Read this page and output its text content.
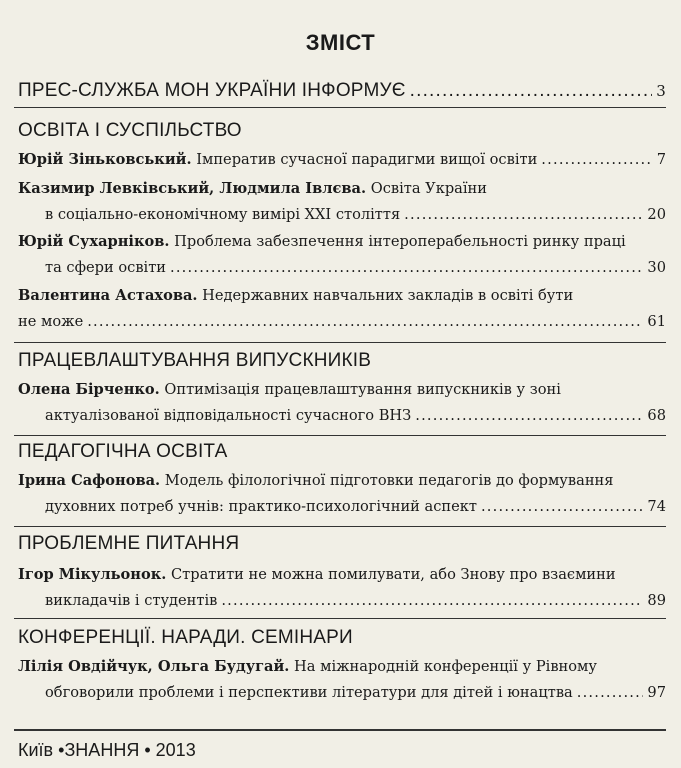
ЗМІСТ
ПРЕС-СЛУЖБА МОН УКРАЇНИ ІНФОРМУЄ .....	3
ОСВІТА І СУСПІЛЬСТВО
Юрій Зіньковський. Імператив сучасної парадигми вищої освіти .....	7
Казимир Левківський, Людмила Івлєва. Освіта України
в соціально-економічному вимірі XXI століття .....	20
Юрій Сухарніков. Проблема забезпечення інтероперабельності ринку праці
та сфери освіти .....	30
Валентина Астахова. Недержавних навчальних закладів в освіті бути
не може .....	61
ПРАЦЕВЛАШТУВАННЯ ВИПУСКНИКІВ
Олена Бірченко. Оптимізація працевлаштування випускників у зоні
актуалізованої відповідальності сучасного ВНЗ .....	68
ПЕДАГОГІЧНА ОСВІТА
Ірина Сафонова. Модель філологічної підготовки педагогів до формування
духовних потреб учнів: практико-психологічний аспект .....	74
ПРОБЛЕМНЕ ПИТАННЯ
Ігор Мікульонок. Стратити не можна помилувати, або Знову про взаємини
викладачів і студентів .....	89
КОНФЕРЕНЦІЇ. НАРАДИ. СЕМІНАРИ
Лілія Овдійчук, Ольга Будугай. На міжнародній конференції у Рівному
обговорили проблеми і перспективи літератури для дітей і юнацтва .....	97
Київ •ЗНАННЯ • 2013
